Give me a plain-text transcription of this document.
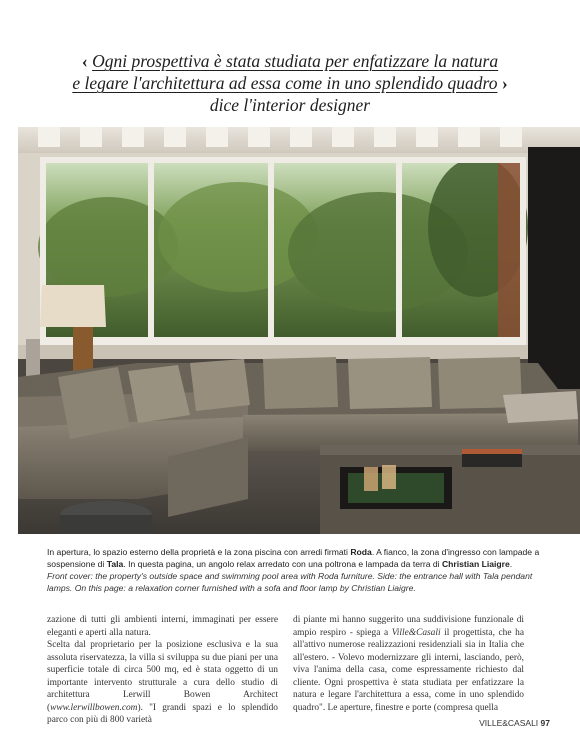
‹ Ogni prospettiva è stata studiata per enfatizzare la natura
e legare l'architettura ad essa come in uno splendido quadro ›
dice l'interior designer
In apertura, lo spazio esterno della proprietà e la zona piscina con arredi firmati Roda. A fianco, la zona d'ingresso con lampade a sospensione di Tala. In questa pagina, un angolo relax arredato con una poltrona e lampada da terra di Christian Liaigre.
Front cover: the property's outside space and swimming pool area with Roda furniture. Side: the entrance hall with Tala pendant lamps. On this page: a relaxation corner furnished with a sofa and floor lamp by Christian Liaigre.

zazione di tutti gli ambienti interni, immaginati per essere eleganti e aperti alla natura.

Scelta dal proprietario per la posizione esclusiva e la sua assoluta riservatezza, la villa si sviluppa su due piani per una superficie totale di circa 500 mq, ed è stata oggetto di un importante intervento strutturale a cura dello studio di architettura Lerwill Bowen Architect (www.lerwillbowen.com). "I grandi spazi e lo splendido parco con più di 800 varietà

di piante mi hanno suggerito una suddivisione funzionale di ampio respiro - spiega a Ville&Casali il progettista, che ha all'attivo numerose realizzazioni residenziali sia in Italia che all'estero. - Volevo modernizzare gli interni, lasciando, però, viva l'anima della casa, come espressamente richiesto dal cliente. Ogni prospettiva è stata studiata per enfatizzare la natura e legare l'architettura a essa, come in uno splendido quadro". Le aperture, finestre e porte (compresa quella

VILLE&CASALI 97
